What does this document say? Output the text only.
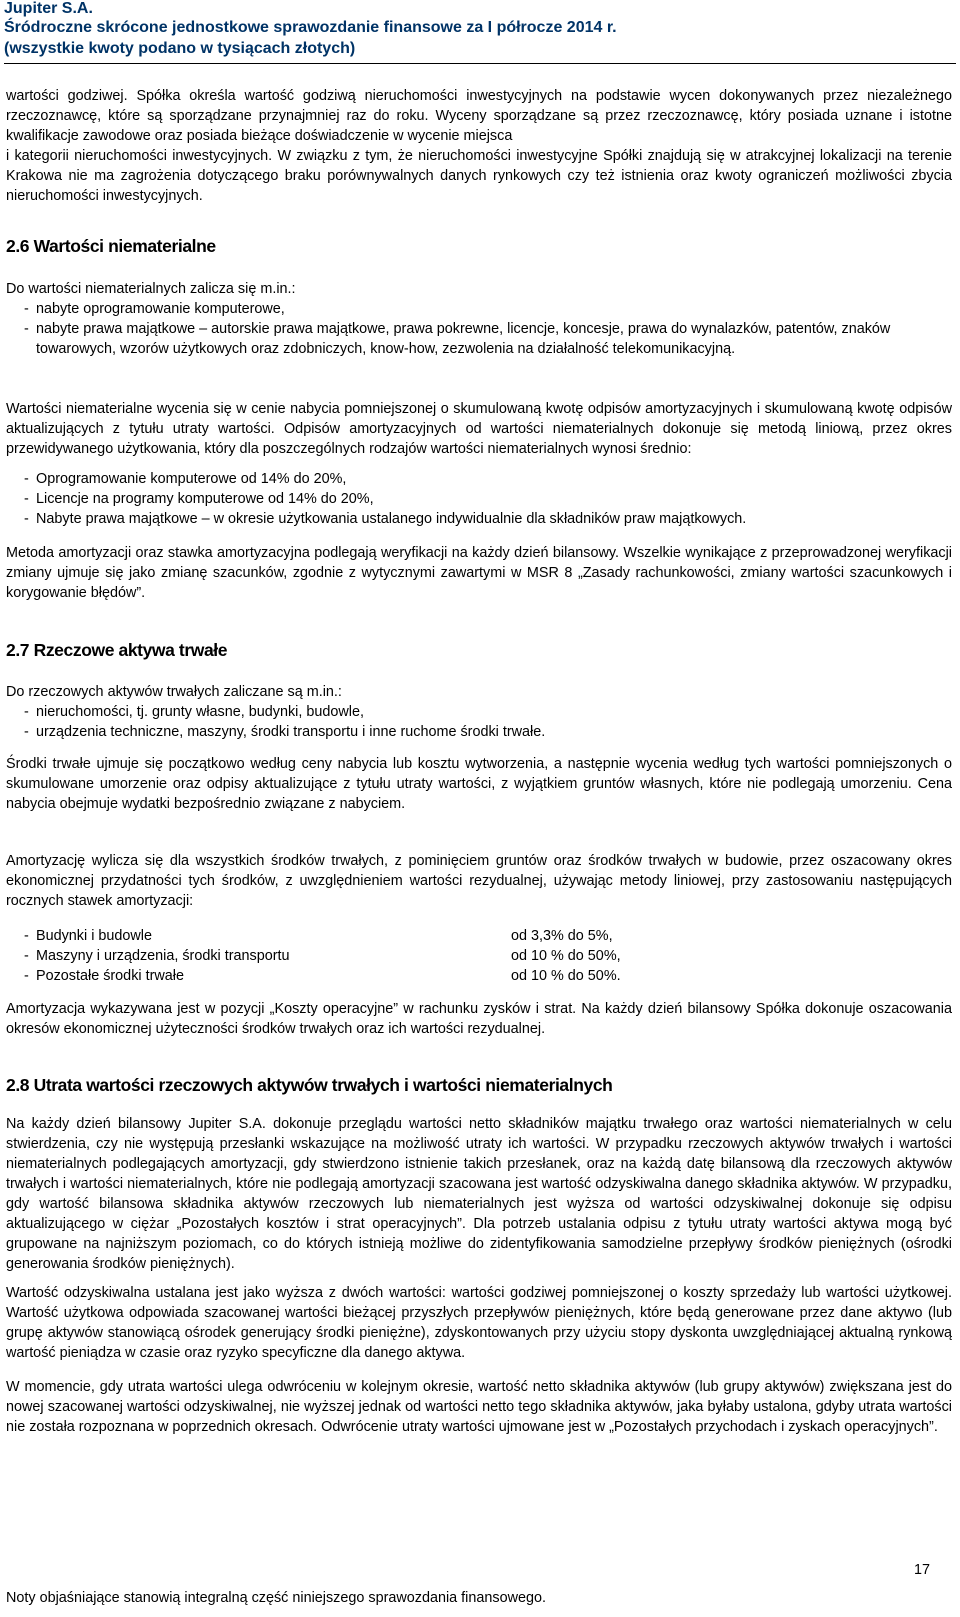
Jupiter S.A.
Śródroczne skrócone jednostkowe sprawozdanie finansowe za I półrocze 2014 r.
(wszystkie kwoty podano w tysiącach złotych)

wartości godziwej. Spółka określa wartość godziwą nieruchomości inwestycyjnych na podstawie wycen dokonywanych przez niezależnego rzeczoznawcę, które są sporządzane przynajmniej raz do roku. Wyceny sporządzane są przez rzeczoznawcę, który posiada uznane i istotne kwalifikacje zawodowe oraz posiada bieżące doświadczenie w wycenie miejsca

i kategorii nieruchomości inwestycyjnych. W związku z tym, że nieruchomości inwestycyjne Spółki znajdują się w atrakcyjnej lokalizacji na terenie Krakowa nie ma zagrożenia dotyczącego braku porównywalnych danych rynkowych czy też istnienia oraz kwoty ograniczeń możliwości zbycia nieruchomości inwestycyjnych.

2.6 Wartości niematerialne

Do wartości niematerialnych zalicza się m.in.:

- nabyte oprogramowanie komputerowe,
- nabyte prawa majątkowe – autorskie prawa majątkowe, prawa pokrewne, licencje, koncesje, prawa do wynalazków, patentów, znaków towarowych, wzorów użytkowych oraz zdobniczych, know-how, zezwolenia na działalność telekomunikacyjną.

Wartości niematerialne wycenia się w cenie nabycia pomniejszonej o skumulowaną kwotę odpisów amortyzacyjnych i skumulowaną kwotę odpisów aktualizujących z tytułu utraty wartości. Odpisów amortyzacyjnych od wartości niematerialnych dokonuje się metodą liniową, przez okres przewidywanego użytkowania, który dla poszczególnych rodzajów wartości niematerialnych wynosi średnio:

- Oprogramowanie komputerowe od 14% do 20%,
- Licencje na programy komputerowe od 14% do 20%,
- Nabyte prawa majątkowe – w okresie użytkowania ustalanego indywidualnie dla składników praw majątkowych.

Metoda amortyzacji oraz stawka amortyzacyjna podlegają weryfikacji na każdy dzień bilansowy. Wszelkie wynikające z przeprowadzonej weryfikacji zmiany ujmuje się jako zmianę szacunków, zgodnie z wytycznymi zawartymi w MSR 8 „Zasady rachunkowości, zmiany wartości szacunkowych i korygowanie błędów”.

2.7 Rzeczowe aktywa trwałe

Do rzeczowych aktywów trwałych zaliczane są m.in.:

- nieruchomości, tj. grunty własne, budynki, budowle,
- urządzenia techniczne, maszyny, środki transportu i inne ruchome środki trwałe.

Środki trwałe ujmuje się początkowo według ceny nabycia lub kosztu wytworzenia, a następnie wycenia według tych wartości pomniejszonych o skumulowane umorzenie oraz odpisy aktualizujące z tytułu utraty wartości, z wyjątkiem gruntów własnych, które nie podlegają umorzeniu. Cena nabycia obejmuje wydatki bezpośrednio związane z nabyciem.

Amortyzację wylicza się dla wszystkich środków trwałych, z pominięciem gruntów oraz środków trwałych w budowie, przez oszacowany okres ekonomicznej przydatności tych środków, z uwzględnieniem wartości rezydualnej, używając metody liniowej, przy zastosowaniu następujących rocznych stawek amortyzacji:

- Budynki i budowle	od 3,3% do 5%,
- Maszyny i urządzenia, środki transportu	od 10 % do 50%,
- Pozostałe środki trwałe	od 10 % do 50%.

Amortyzacja wykazywana jest w pozycji „Koszty operacyjne” w rachunku zysków i strat. Na każdy dzień bilansowy Spółka dokonuje oszacowania okresów ekonomicznej użyteczności środków trwałych oraz ich wartości rezydualnej.

2.8 Utrata wartości rzeczowych aktywów trwałych i wartości niematerialnych

Na każdy dzień bilansowy Jupiter S.A. dokonuje przeglądu wartości netto składników majątku trwałego oraz wartości niematerialnych w celu stwierdzenia, czy nie występują przesłanki wskazujące na możliwość utraty ich wartości. W przypadku rzeczowych aktywów trwałych i wartości niematerialnych podlegających amortyzacji, gdy stwierdzono istnienie takich przesłanek, oraz na każdą datę bilansową dla rzeczowych aktywów trwałych i wartości niematerialnych, które nie podlegają amortyzacji szacowana jest wartość odzyskiwalna danego składnika aktywów. W przypadku, gdy wartość bilansowa składnika aktywów rzeczowych lub niematerialnych jest wyższa od wartości odzyskiwalnej dokonuje się odpisu aktualizującego w ciężar „Pozostałych kosztów i strat operacyjnych”. Dla potrzeb ustalania odpisu z tytułu utraty wartości aktywa mogą być grupowane na najniższym poziomach, co do których istnieją możliwe do zidentyfikowania samodzielne przepływy środków pieniężnych (ośrodki generowania środków pieniężnych).

Wartość odzyskiwalna ustalana jest jako wyższa z dwóch wartości: wartości godziwej pomniejszonej o koszty sprzedaży lub wartości użytkowej. Wartość użytkowa odpowiada szacowanej wartości bieżącej przyszłych przepływów pieniężnych, które będą generowane przez dane aktywo (lub grupę aktywów stanowiącą ośrodek generujący środki pieniężne), zdyskontowanych przy użyciu stopy dyskonta uwzględniającej aktualną rynkową wartość pieniądza w czasie oraz ryzyko specyficzne dla danego aktywa.

W momencie, gdy utrata wartości ulega odwróceniu w kolejnym okresie, wartość netto składnika aktywów (lub grupy aktywów) zwiększana jest do nowej szacowanej wartości odzyskiwalnej, nie wyższej jednak od wartości netto tego składnika aktywów, jaka byłaby ustalona, gdyby utrata wartości nie została rozpoznana w poprzednich okresach. Odwrócenie utraty wartości ujmowane jest w „Pozostałych przychodach i zyskach operacyjnych”.

17
Noty objaśniające stanowią integralną część niniejszego sprawozdania finansowego.
